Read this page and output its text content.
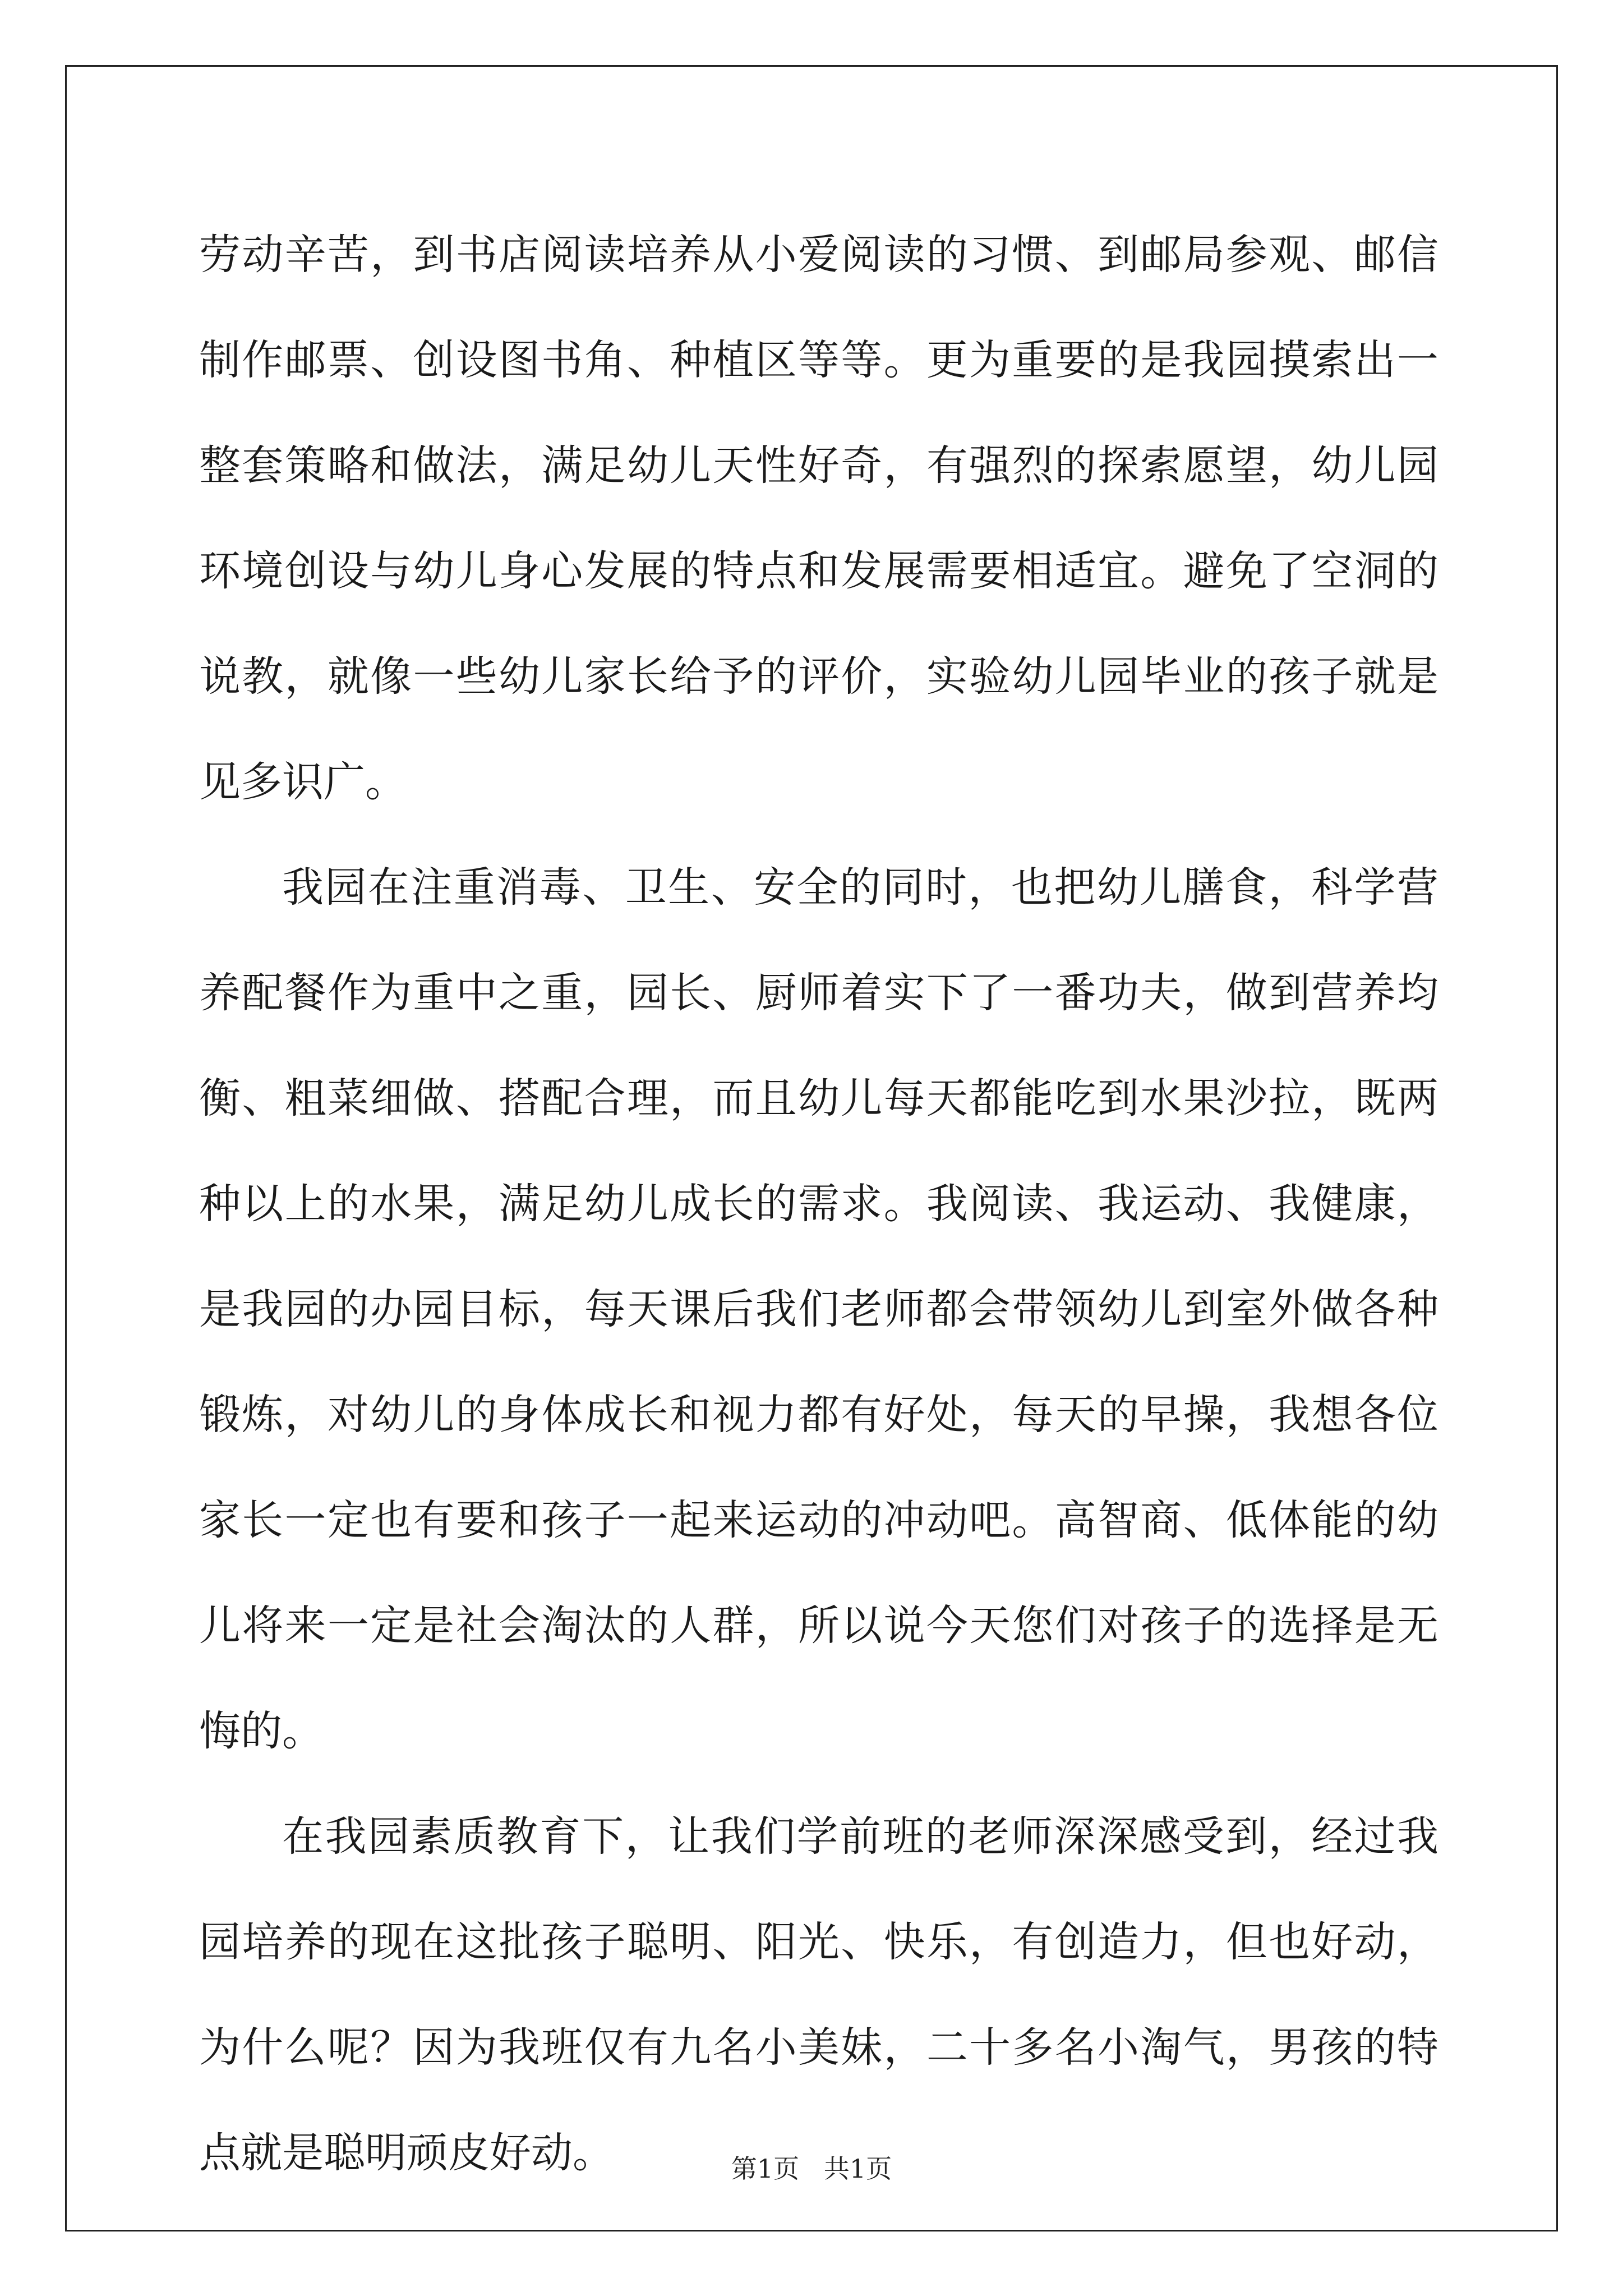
劳动辛苦，到书店阅读培养从小爱阅读的习惯、到邮局参观、邮信制作邮票、创设图书角、种植区等等。更为重要的是我园摸索出一整套策略和做法，满足幼儿天性好奇，有强烈的探索愿望，幼儿园环境创设与幼儿身心发展的特点和发展需要相适宜。避免了空洞的说教，就像一些幼儿家长给予的评价，实验幼儿园毕业的孩子就是见多识广。

我园在注重消毒、卫生、安全的同时，也把幼儿膳食，科学营养配餐作为重中之重，园长、厨师着实下了一番功夫，做到营养均衡、粗菜细做、搭配合理，而且幼儿每天都能吃到水果沙拉，既两种以上的水果，满足幼儿成长的需求。我阅读、我运动、我健康，是我园的办园目标，每天课后我们老师都会带领幼儿到室外做各种锻炼，对幼儿的身体成长和视力都有好处，每天的早操，我想各位家长一定也有要和孩子一起来运动的冲动吧。高智商、低体能的幼儿将来一定是社会淘汰的人群，所以说今天您们对孩子的选择是无悔的。

在我园素质教育下，让我们学前班的老师深深感受到，经过我园培养的现在这批孩子聪明、阳光、快乐，有创造力，但也好动，为什么呢？因为我班仅有九名小美妹，二十多名小淘气，男孩的特点就是聪明顽皮好动。	第1页   共1页
